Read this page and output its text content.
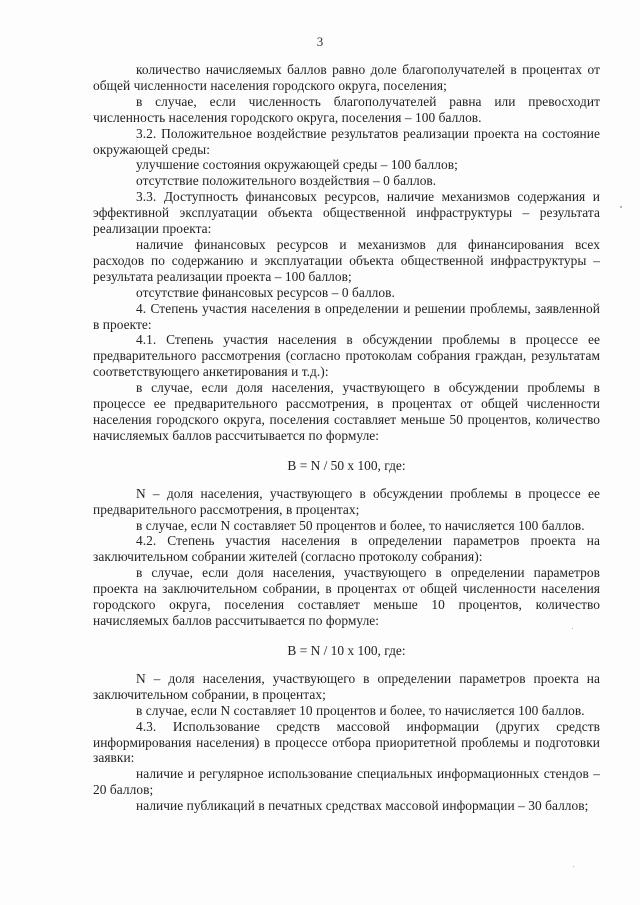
3

количество начисляемых баллов равно доле благополучателей в процентах от общей численности населения городского округа, поселения;

в случае, если численность благополучателей равна или превосходит численность населения городского округа, поселения – 100 баллов.

3.2. Положительное воздействие результатов реализации проекта на состояние окружающей среды:

улучшение состояния окружающей среды – 100 баллов;

отсутствие положительного воздействия – 0 баллов.

3.3. Доступность финансовых ресурсов, наличие механизмов содержания и эффективной эксплуатации объекта общественной инфраструктуры – результата реализации проекта:

наличие финансовых ресурсов и механизмов для финансирования всех расходов по содержанию и эксплуатации объекта общественной инфраструктуры – результата реализации проекта – 100 баллов;

отсутствие финансовых ресурсов – 0 баллов.

4. Степень участия населения в определении и решении проблемы, заявленной в проекте:

4.1. Степень участия населения в обсуждении проблемы в процессе ее предварительного рассмотрения (согласно протоколам собрания граждан, результатам соответствующего анкетирования и т.д.):

в случае, если доля населения, участвующего в обсуждении проблемы в процессе ее предварительного рассмотрения, в процентах от общей численности населения городского округа, поселения составляет меньше 50 процентов, количество начисляемых баллов рассчитывается по формуле:

B = N / 50 x 100, где:

N – доля населения, участвующего в обсуждении проблемы в процессе ее предварительного рассмотрения, в процентах;

в случае, если N составляет 50 процентов и более, то начисляется 100 баллов.

4.2. Степень участия населения в определении параметров проекта на заключительном собрании жителей (согласно протоколу собрания):

в случае, если доля населения, участвующего в определении параметров проекта на заключительном собрании, в процентах от общей численности населения городского округа, поселения составляет меньше 10 процентов, количество начисляемых баллов рассчитывается по формуле:

B = N / 10 x 100, где:

N – доля населения, участвующего в определении параметров проекта на заключительном собрании, в процентах;

в случае, если N составляет 10 процентов и более, то начисляется 100 баллов.

4.3. Использование средств массовой информации (других средств информирования населения) в процессе отбора приоритетной проблемы и подготовки заявки:

наличие и регулярное использование специальных информационных стендов – 20 баллов;

наличие публикаций в печатных средствах массовой информации – 30 баллов;
